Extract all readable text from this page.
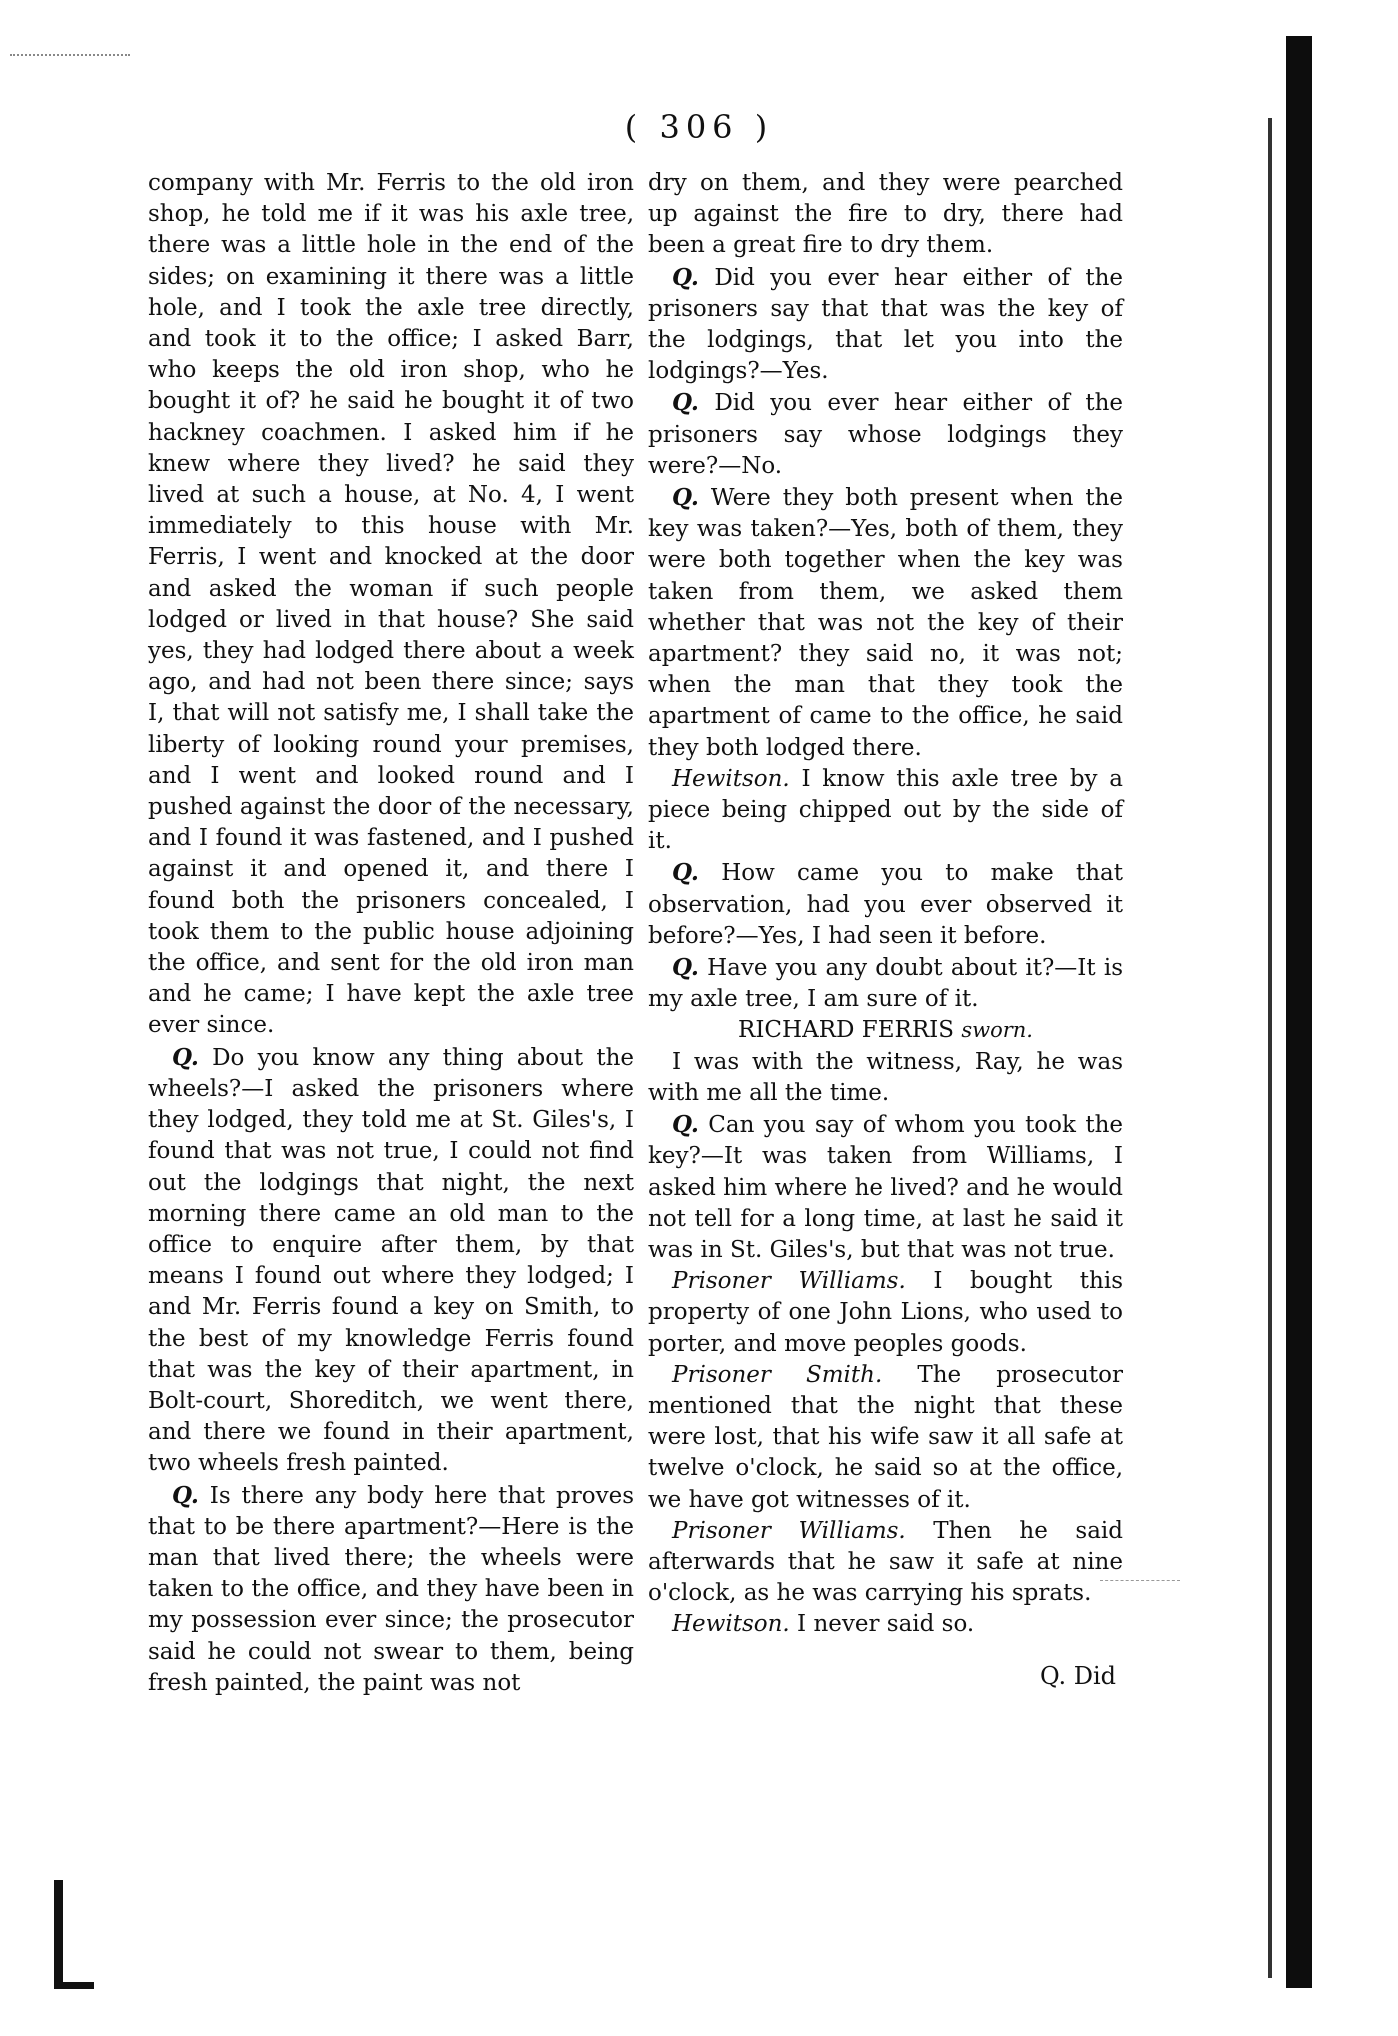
( 306 )

company with Mr. Ferris to the old iron shop, he told me if it was his axle tree, there was a little hole in the end of the sides; on examining it there was a little hole, and I took the axle tree directly, and took it to the office; I asked Barr, who keeps the old iron shop, who he bought it of? he said he bought it of two hackney coachmen. I asked him if he knew where they lived? he said they lived at such a house, at No. 4, I went immediately to this house with Mr. Ferris, I went and knocked at the door and asked the woman if such people lodged or lived in that house? She said yes, they had lodged there about a week ago, and had not been there since; says I, that will not satisfy me, I shall take the liberty of looking round your premises, and I went and looked round and I pushed against the door of the necessary, and I found it was fastened, and I pushed against it and opened it, and there I found both the prisoners concealed, I took them to the public house adjoining the office, and sent for the old iron man and he came; I have kept the axle tree ever since.

Q. Do you know any thing about the wheels?—I asked the prisoners where they lodged, they told me at St. Giles's, I found that was not true, I could not find out the lodgings that night, the next morning there came an old man to the office to enquire after them, by that means I found out where they lodged; I and Mr. Ferris found a key on Smith, to the best of my knowledge Ferris found that was the key of their apartment, in Bolt-court, Shoreditch, we went there, and there we found in their apartment, two wheels fresh painted.

Q. Is there any body here that proves that to be there apartment?—Here is the man that lived there; the wheels were taken to the office, and they have been in my possession ever since; the prosecutor said he could not swear to them, being fresh painted, the paint was not

dry on them, and they were pearched up against the fire to dry, there had been a great fire to dry them.

Q. Did you ever hear either of the prisoners say that that was the key of the lodgings, that let you into the lodgings?—Yes.

Q. Did you ever hear either of the prisoners say whose lodgings they were?—No.

Q. Were they both present when the key was taken?—Yes, both of them, they were both together when the key was taken from them, we asked them whether that was not the key of their apartment? they said no, it was not; when the man that they took the apartment of came to the office, he said they both lodged there.

Hewitson. I know this axle tree by a piece being chipped out by the side of it.

Q. How came you to make that observation, had you ever observed it before?—Yes, I had seen it before.

Q. Have you any doubt about it?—It is my axle tree, I am sure of it.

RICHARD FERRIS sworn.

I was with the witness, Ray, he was with me all the time.

Q. Can you say of whom you took the key?—It was taken from Williams, I asked him where he lived? and he would not tell for a long time, at last he said it was in St. Giles's, but that was not true.

Prisoner Williams. I bought this property of one John Lions, who used to porter, and move peoples goods.

Prisoner Smith. The prosecutor mentioned that the night that these were lost, that his wife saw it all safe at twelve o'clock, he said so at the office, we have got witnesses of it.

Prisoner Williams. Then he said afterwards that he saw it safe at nine o'clock, as he was carrying his sprats.

Hewitson. I never said so.

Q. Did
